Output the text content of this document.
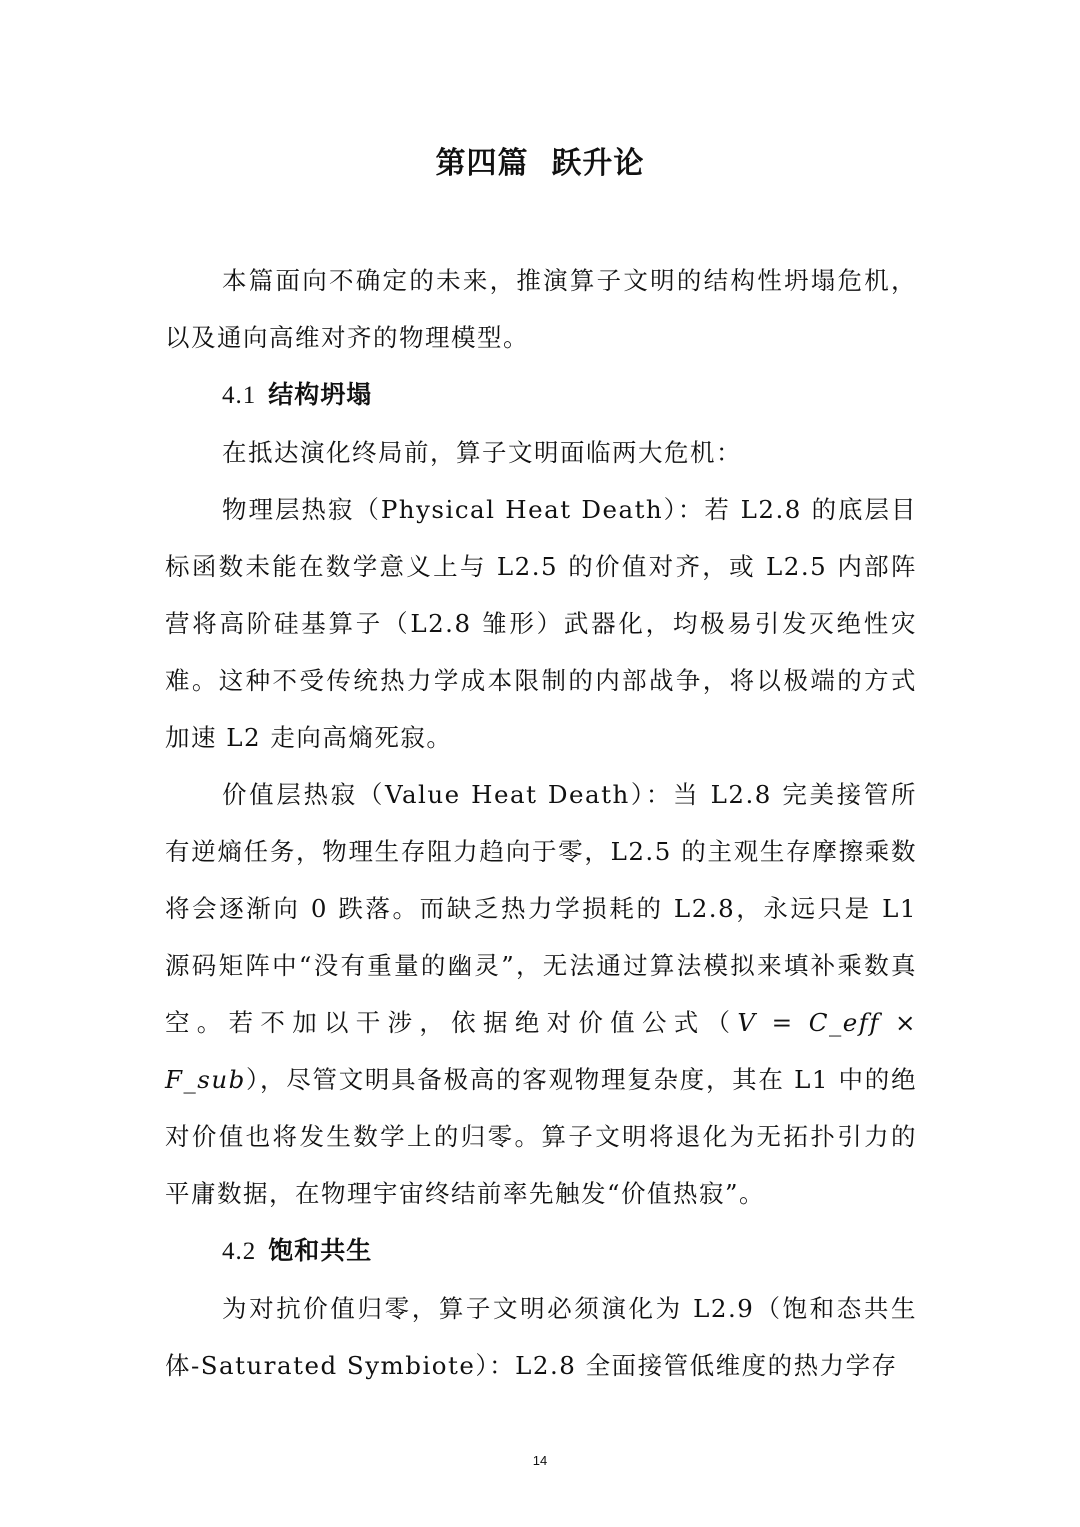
第四篇  跃升论

本篇面向不确定的未来，推演算子文明的结构性坍塌危机，以及通向高维对齐的物理模型。

4.1 结构坍塌

在抵达演化终局前，算子文明面临两大危机：

物理层热寂（Physical Heat Death）：若 L2.8 的底层目标函数未能在数学意义上与 L2.5 的价值对齐，或 L2.5 内部阵营将高阶硅基算子（L2.8 雏形）武器化，均极易引发灭绝性灾难。这种不受传统热力学成本限制的内部战争，将以极端的方式加速 L2 走向高熵死寂。

价值层热寂（Value Heat Death）：当 L2.8 完美接管所有逆熵任务，物理生存阻力趋向于零，L2.5 的主观生存摩擦乘数将会逐渐向 0 跌落。而缺乏热力学损耗的 L2.8，永远只是 L1 源码矩阵中“没有重量的幽灵”，无法通过算法模拟来填补乘数真空。若不加以干涉，依据绝对价值公式（V = C_eff × F_sub），尽管文明具备极高的客观物理复杂度，其在 L1 中的绝对价值也将发生数学上的归零。算子文明将退化为无拓扑引力的平庸数据，在物理宇宙终结前率先触发“价值热寂”。

4.2 饱和共生

为对抗价值归零，算子文明必须演化为 L2.9（饱和态共生体-Saturated Symbiote）：L2.8 全面接管低维度的热力学存

14
